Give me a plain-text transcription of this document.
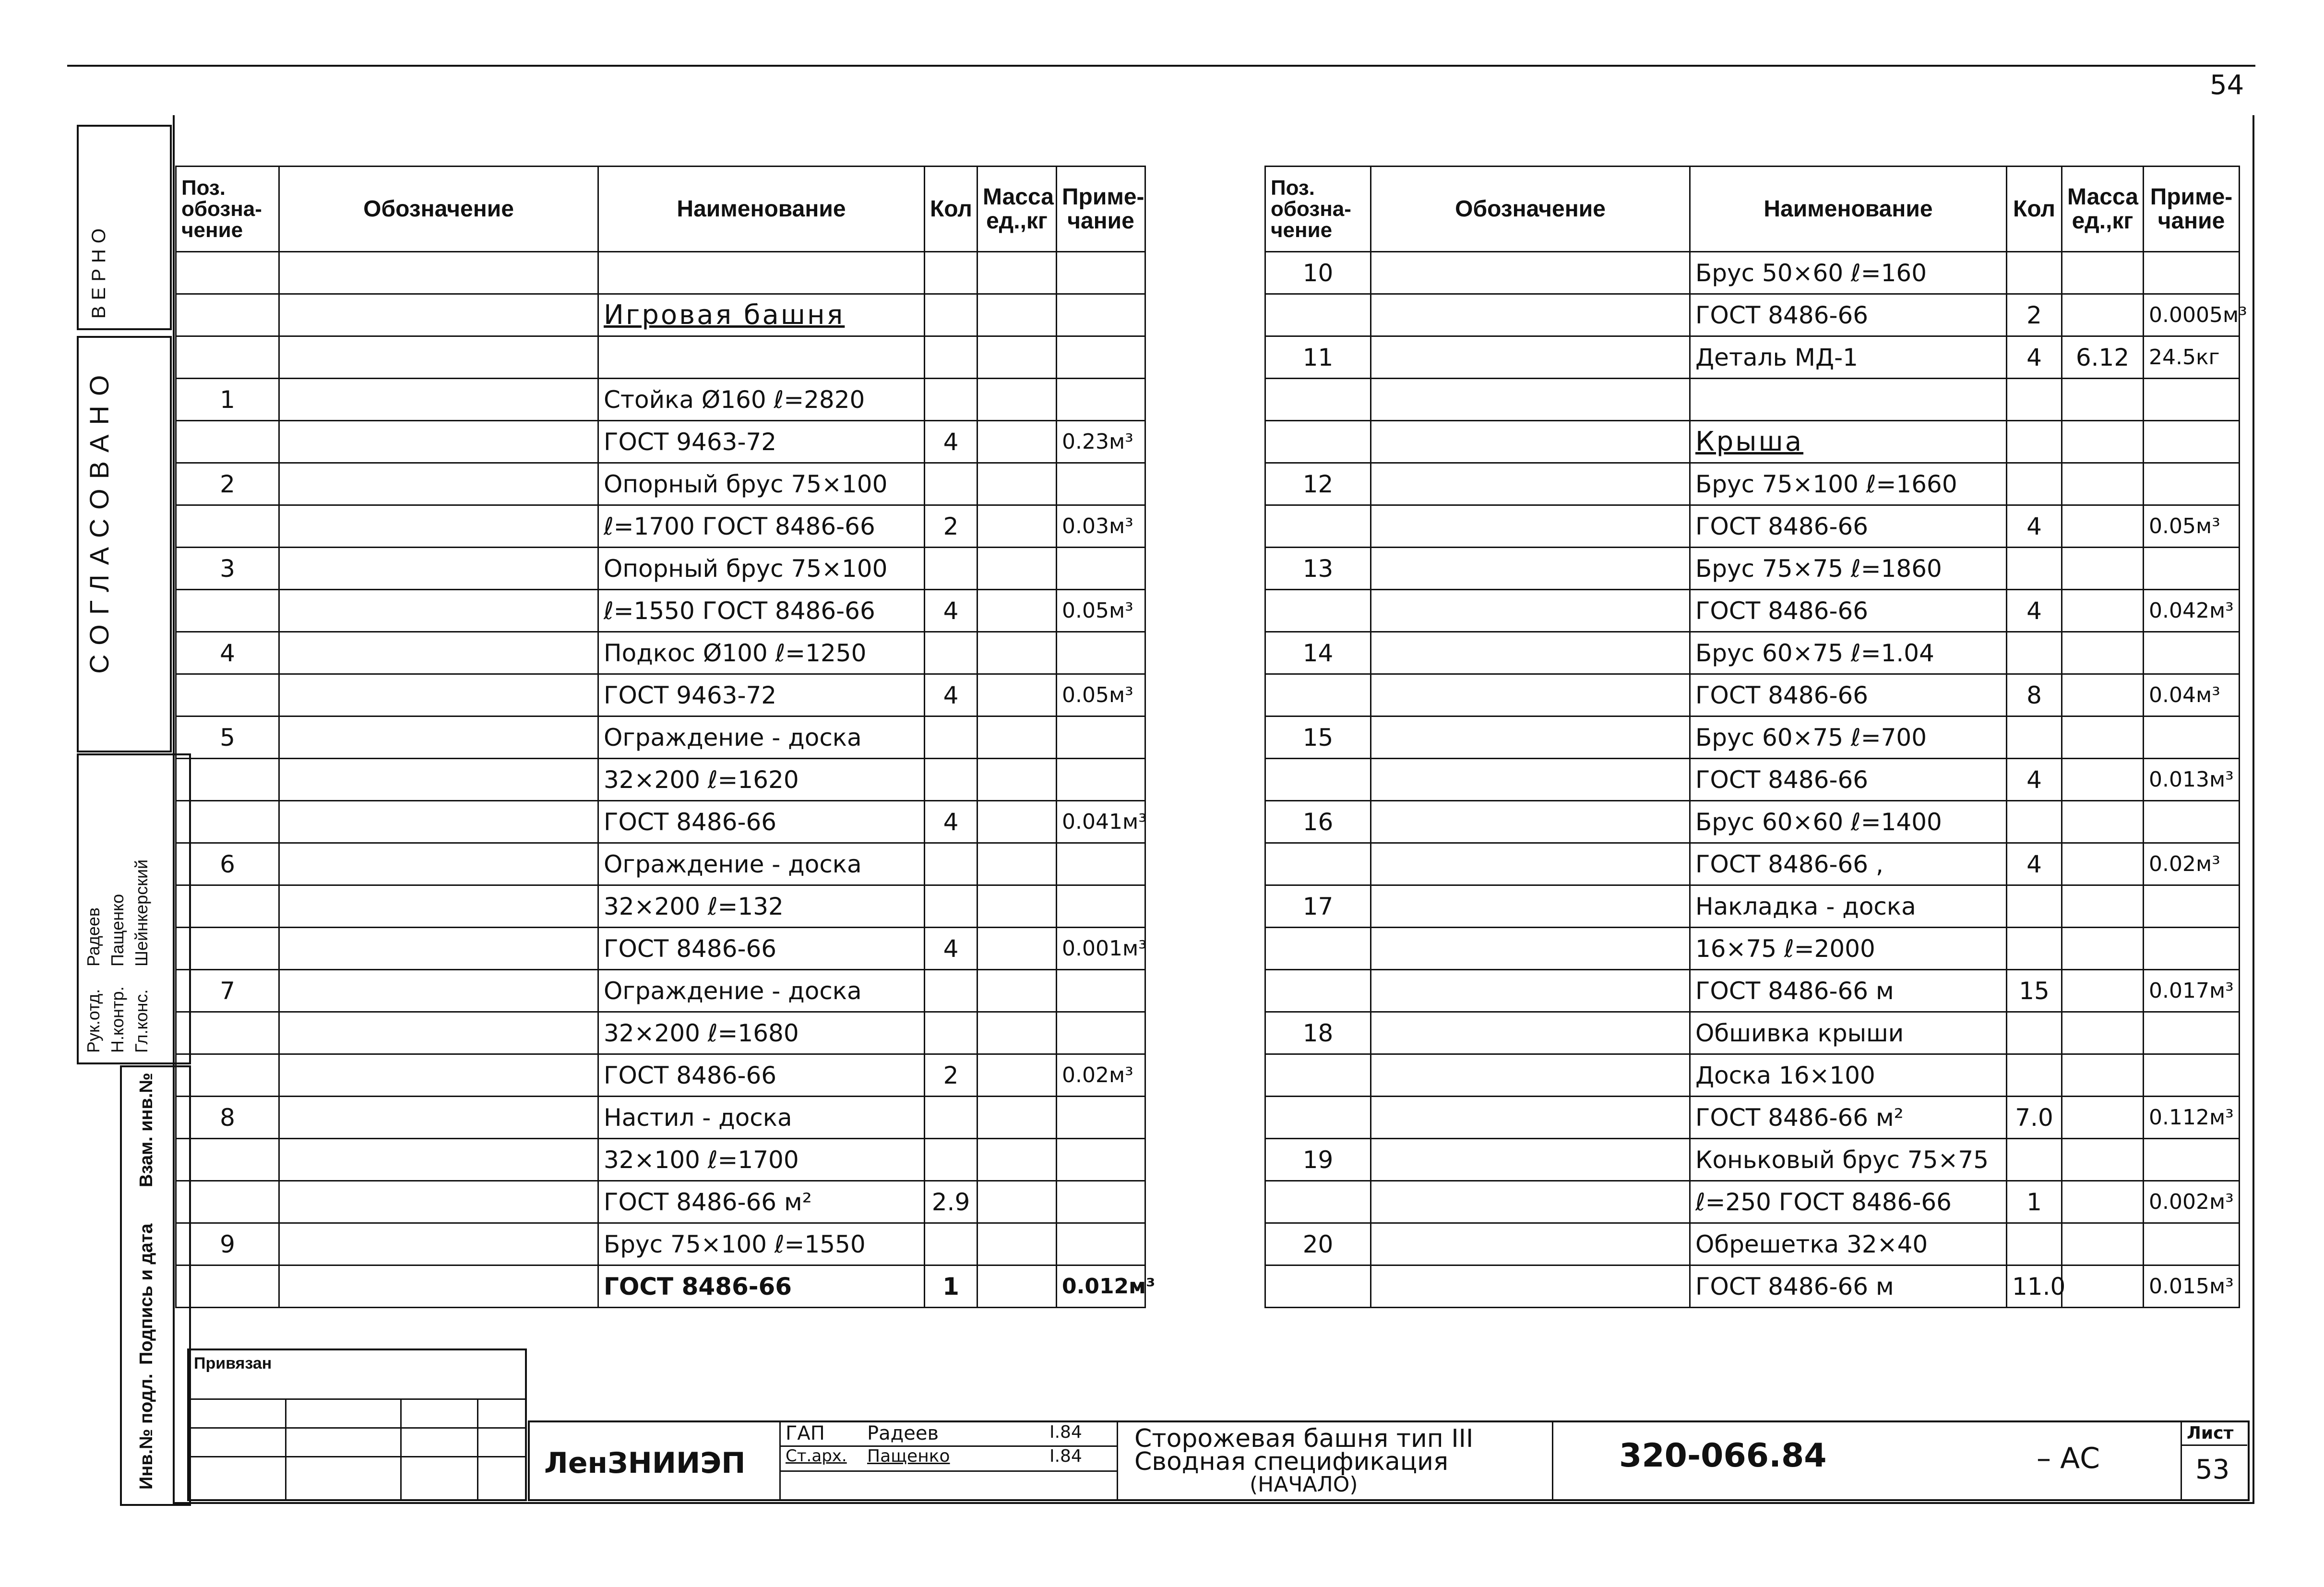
54
ВЕРНО
СОГЛАСОВАНО
Рук.отд. Н.контр. Гл.конс.
Радеев Пащенко Шейнкерский
Инв.№ подл.
Подпись и дата
Взам. инв.№
Поз. обозна- чение	Обозначение	Наименование	Кол	Масса ед.,кг	Приме- чание

		Игровая башня			

1		Стойка Ø160 ℓ=2820			
		ГОСТ 9463-72	4		0.23м³
2		Опорный брус 75×100			
		ℓ=1700 ГОСТ 8486-66	2		0.03м³
3		Опорный брус 75×100			
		ℓ=1550 ГОСТ 8486-66	4		0.05м³
4		Подкос Ø100 ℓ=1250			
		ГОСТ 9463-72	4		0.05м³
5		Ограждение - доска			
		32×200 ℓ=1620			
		ГОСТ 8486-66	4		0.041м³
6		Ограждение - доска			
		32×200 ℓ=132			
		ГОСТ 8486-66	4		0.001м³
7		Ограждение - доска			
		32×200 ℓ=1680			
		ГОСТ 8486-66	2		0.02м³
8		Настил - доска			
		32×100 ℓ=1700			
		ГОСТ 8486-66 м²	2.9		
9		Брус 75×100 ℓ=1550			
		ГОСТ 8486-66	1		0.012м³
Поз. обозна- чение	Обозначение	Наименование	Кол	Масса ед.,кг	Приме- чание
10		Брус 50×60 ℓ=160			
		ГОСТ 8486-66	2		0.0005м³
11		Деталь МД-1	4	6.12	24.5кг

		Крыша			
12		Брус 75×100 ℓ=1660			
		ГОСТ 8486-66	4		0.05м³
13		Брус 75×75 ℓ=1860			
		ГОСТ 8486-66	4		0.042м³
14		Брус 60×75 ℓ=1.04			
		ГОСТ 8486-66	8		0.04м³
15		Брус 60×75 ℓ=700			
		ГОСТ 8486-66	4		0.013м³
16		Брус 60×60 ℓ=1400			
		ГОСТ 8486-66 ,	4		0.02м³
17		Накладка - доска			
		16×75 ℓ=2000			
		ГОСТ 8486-66 м	15		0.017м³
18		Обшивка крыши			
		Доска 16×100			
		ГОСТ 8486-66 м²	7.0		0.112м³
19		Коньковый брус 75×75			
		ℓ=250 ГОСТ 8486-66	1		0.002м³
20		Обрешетка 32×40			
		ГОСТ 8486-66 м	11.0		0.015м³
Привязан
ЛенЗНИИЭП
ГАП
Ст.арх.
Радеев
Пащенко
I.84
I.84
Сторожевая башня тип III
Сводная спецификация
(НАЧАЛО)
320-066.84	– АС
Лист
53
